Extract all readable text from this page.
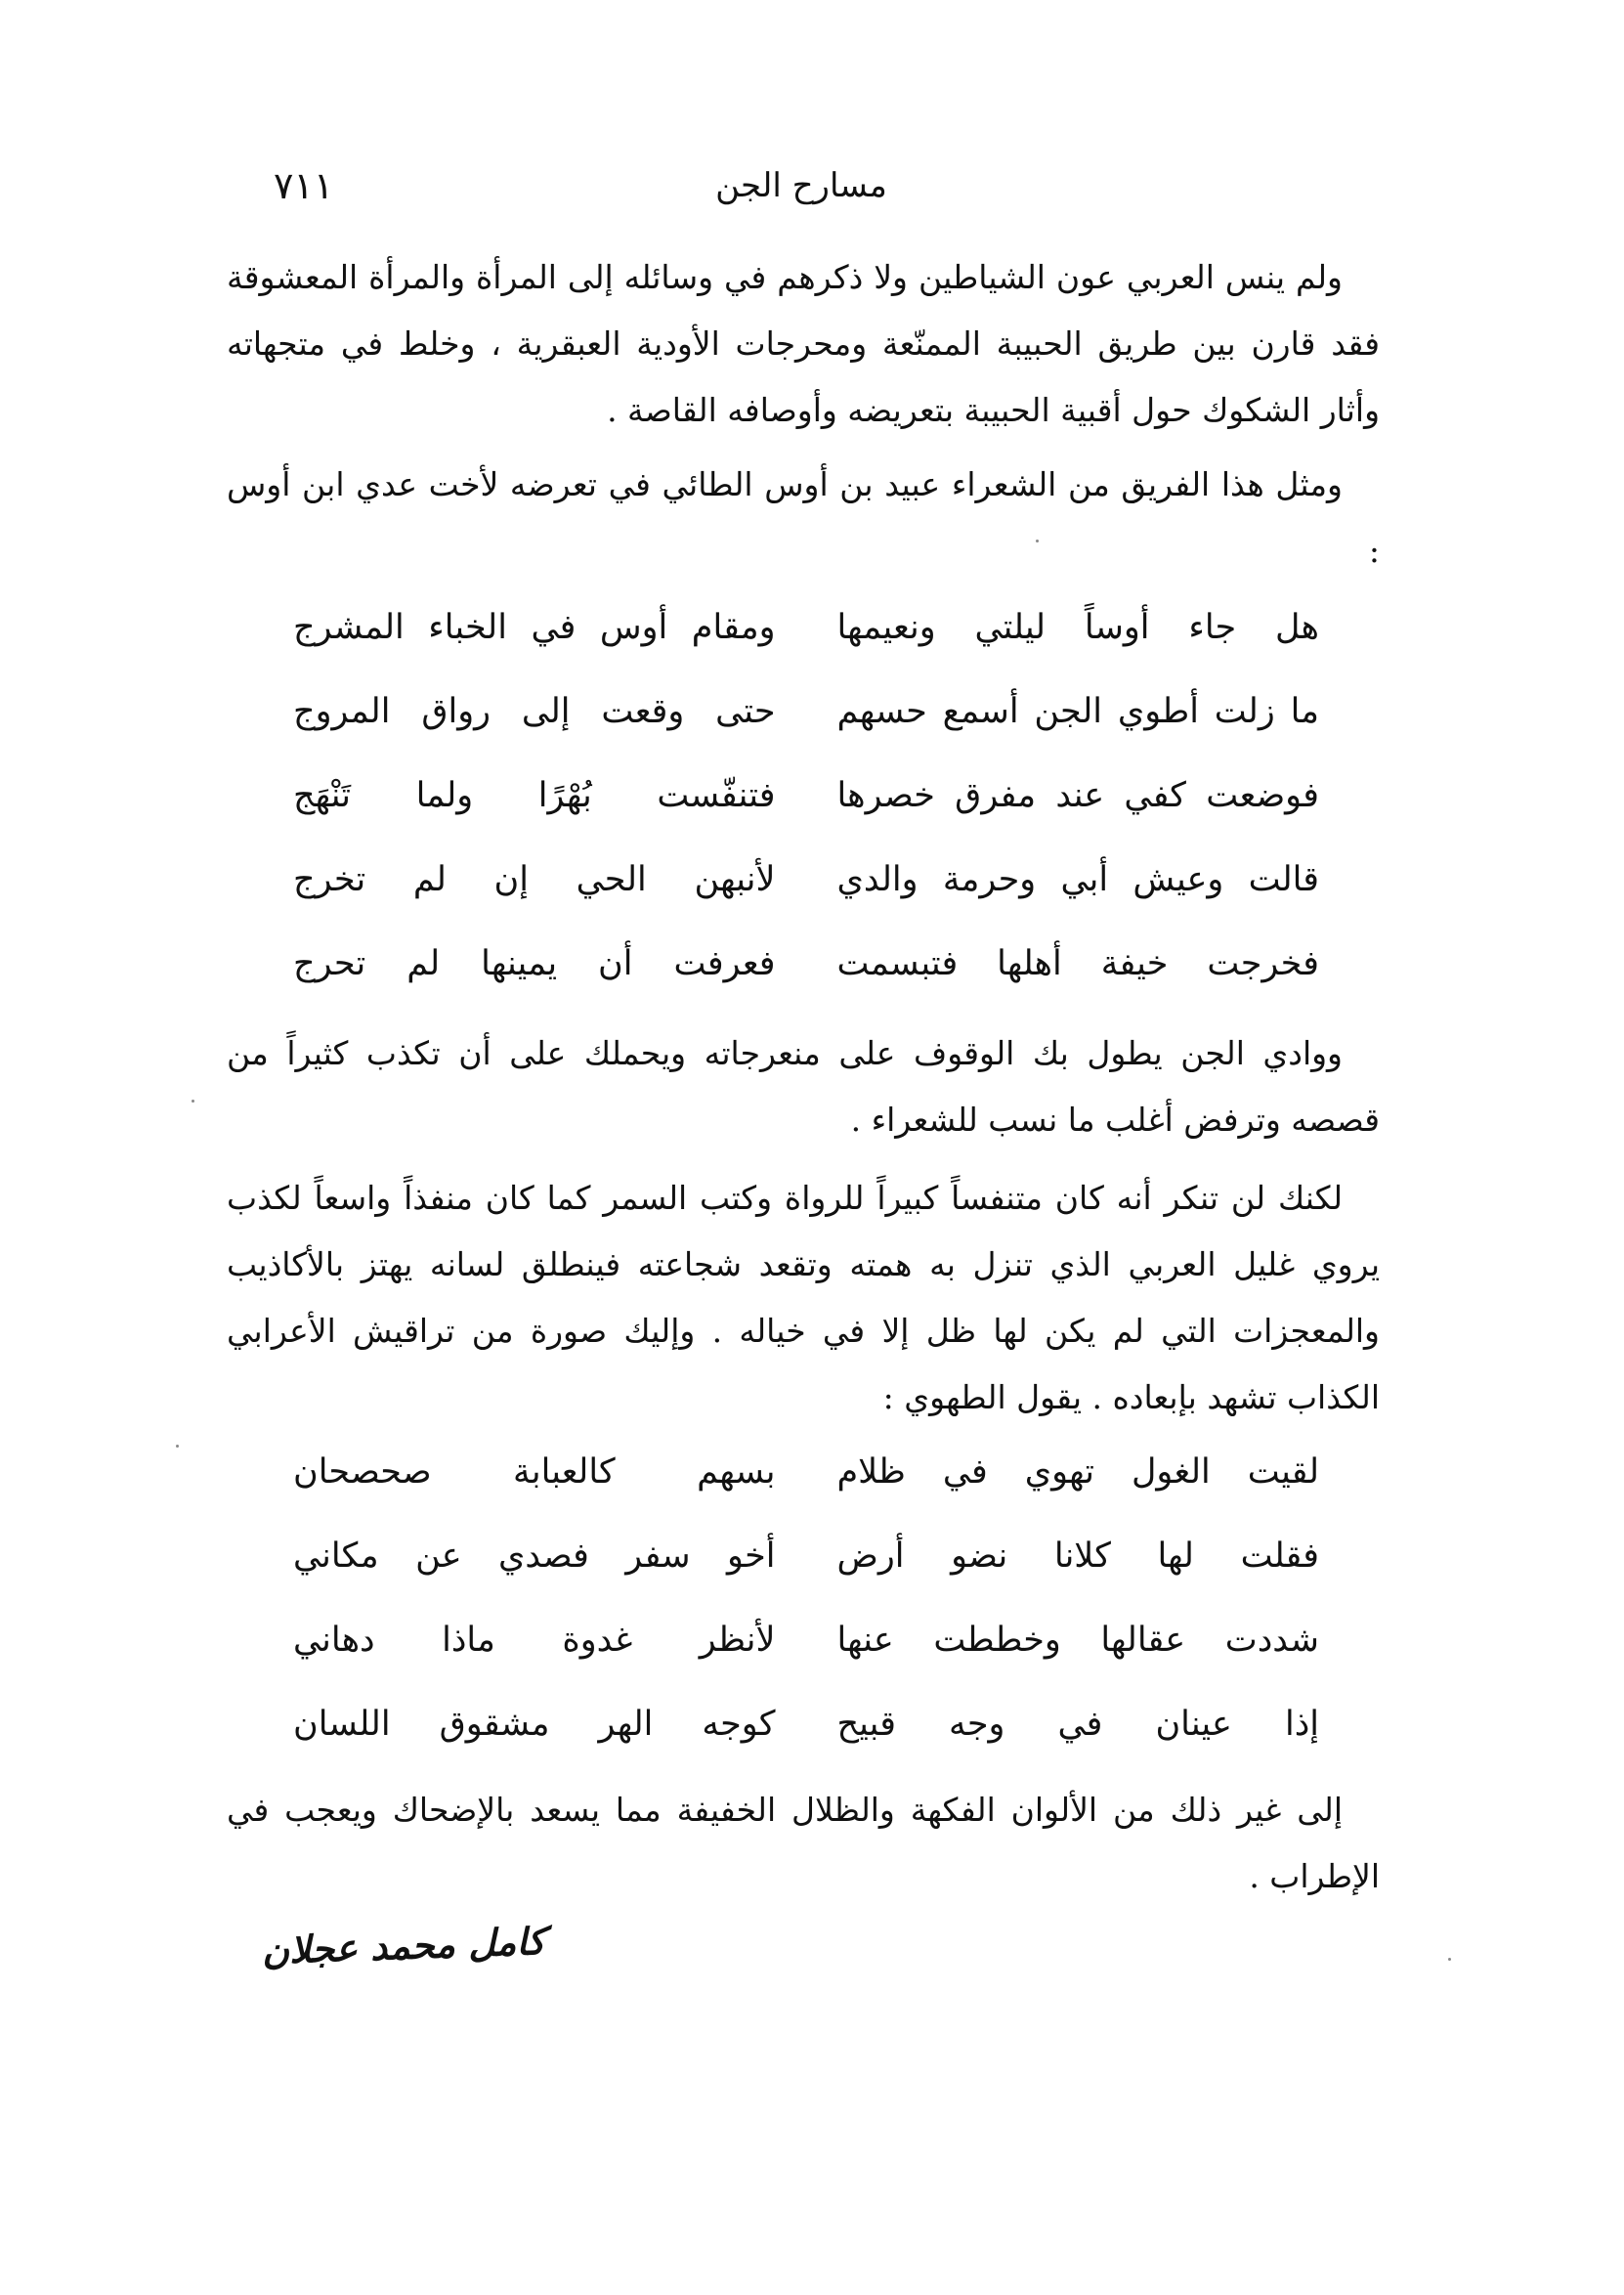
٧١١	مسارح الجن

ولم ينس العربي عون الشياطين ولا ذكرهم في وسائله إلى المرأة والمرأة المعشوقة فقد قارن بين طريق الحبيبة الممنّعة ومحرجات الأودية العبقرية ، وخلط في متجهاته وأثار الشكوك حول أقبية الحبيبة بتعريضه وأوصافه القاصة .

ومثل هذا الفريق من الشعراء عبيد بن أوس الطائي في تعرضه لأخت عدي ابن أوس :

هل جاء أوساً ليلتي ونعيمها
ومقام أوس في الخباء المشرج
ما زلت أطوي الجن أسمع حسهم
حتى وقعت إلى رواق المروج
فوضعت كفي عند مفرق خصرها
فتنفّست بُهْرًا ولما تَنْهَج
قالت وعيش أبي وحرمة والدي
لأنبهن الحي إن لم تخرج
فخرجت خيفة أهلها فتبسمت
فعرفت أن يمينها لم تحرج

ووادي الجن يطول بك الوقوف على منعرجاته ويحملك على أن تكذب كثيراً من قصصه وترفض أغلب ما نسب للشعراء .

لكنك لن تنكر أنه كان متنفساً كبيراً للرواة وكتب السمر كما كان منفذاً واسعاً لكذب يروي غليل العربي الذي تنزل به همته وتقعد شجاعته فينطلق لسانه يهتز بالأكاذيب والمعجزات التي لم يكن لها ظل إلا في خياله . وإليك صورة من تراقيش الأعرابي الكذاب تشهد بإبعاده . يقول الطهوي :

لقيت الغول تهوي في ظلام
بسهم كالعبابة صحصحان
فقلت لها كلانا نضو أرض
أخو سفر فصدي عن مكاني
شددت عقالها وخططت عنها
لأنظر غدوة ماذا دهاني
إذا عينان في وجه قبيح
كوجه الهر مشقوق اللسان

إلى غير ذلك من الألوان الفكهة والظلال الخفيفة مما يسعد بالإضحاك ويعجب في الإطراب .

كامل محمد عجلان
